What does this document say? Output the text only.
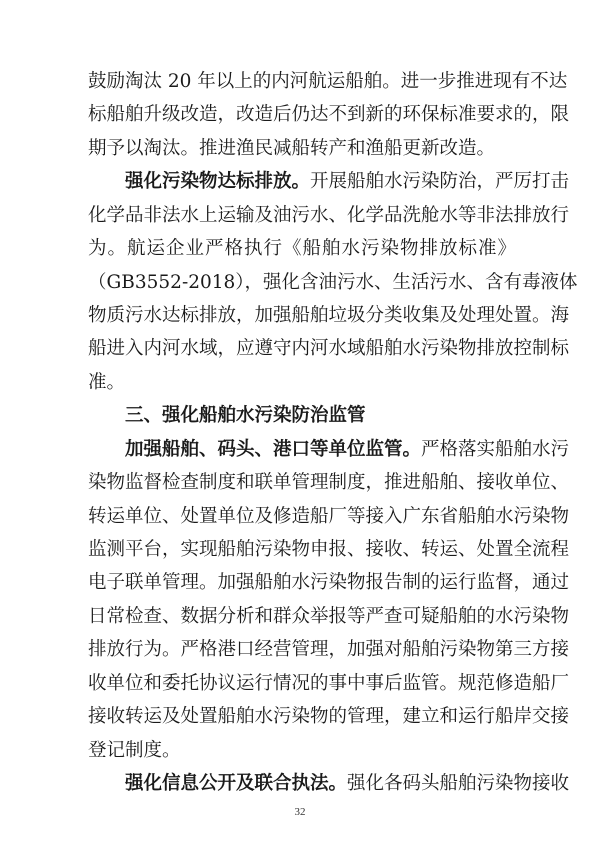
鼓励淘汰 20 年以上的内河航运船舶。进一步推进现有不达
标船舶升级改造，改造后仍达不到新的环保标准要求的，限
期予以淘汰。推进渔民减船转产和渔船更新改造。
强化污染物达标排放。开展船舶水污染防治，严厉打击
化学品非法水上运输及油污水、化学品洗舱水等非法排放行
为。航运企业严格执行《船舶水污染物排放标准》
（GB3552-2018），强化含油污水、生活污水、含有毒液体
物质污水达标排放，加强船舶垃圾分类收集及处理处置。海
船进入内河水域，应遵守内河水域船舶水污染物排放控制标
准。
三、强化船舶水污染防治监管
加强船舶、码头、港口等单位监管。严格落实船舶水污
染物监督检查制度和联单管理制度，推进船舶、接收单位、
转运单位、处置单位及修造船厂等接入广东省船舶水污染物
监测平台，实现船舶污染物申报、接收、转运、处置全流程
电子联单管理。加强船舶水污染物报告制的运行监督，通过
日常检查、数据分析和群众举报等严查可疑船舶的水污染物
排放行为。严格港口经营管理，加强对船舶污染物第三方接
收单位和委托协议运行情况的事中事后监管。规范修造船厂
接收转运及处置船舶水污染物的管理，建立和运行船岸交接
登记制度。
强化信息公开及联合执法。强化各码头船舶污染物接收
32
